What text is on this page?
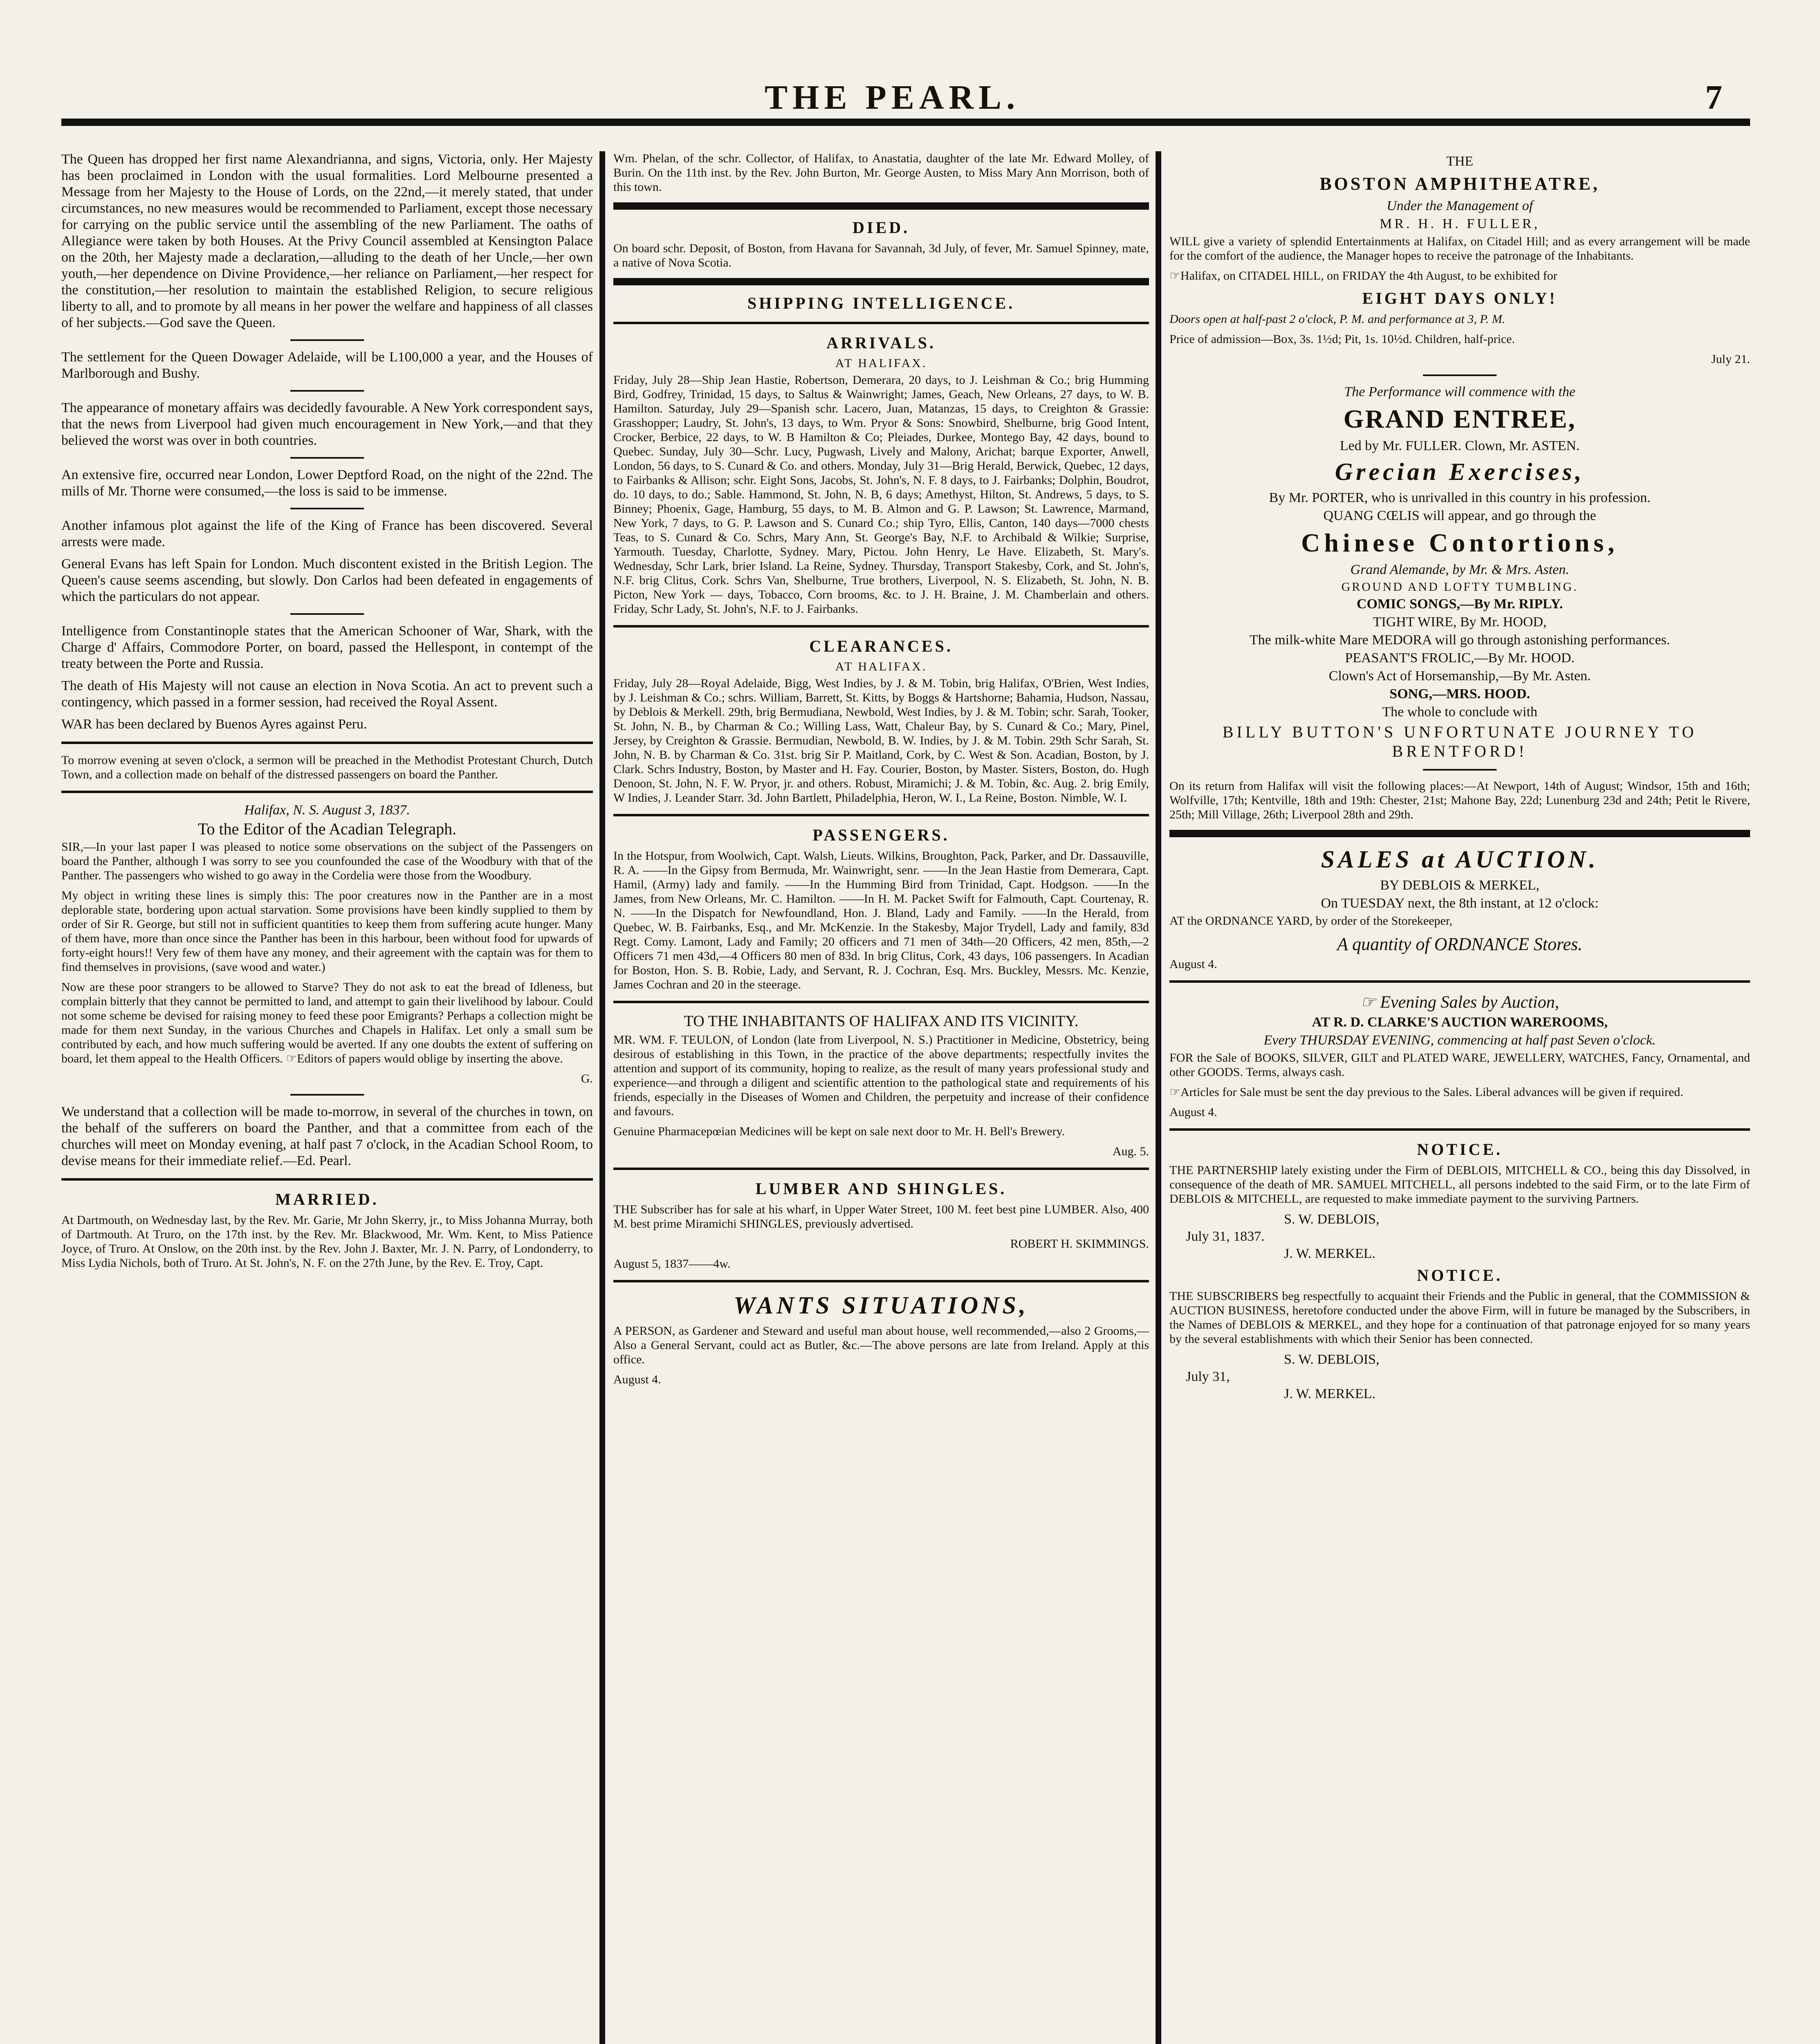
THE PEARL.	7

The Queen has dropped her first name Alexandrianna, and signs, Victoria, only. Her Majesty has been proclaimed in London with the usual formalities. Lord Melbourne presented a Message from her Majesty to the House of Lords, on the 22nd,—it merely stated, that under circumstances, no new measures would be recommended to Parliament, except those necessary for carrying on the public service until the assembling of the new Parliament. The oaths of Allegiance were taken by both Houses. At the Privy Council assembled at Kensington Palace on the 20th, her Majesty made a declaration,—alluding to the death of her Uncle,—her own youth,—her dependence on Divine Providence,—her reliance on Parliament,—her respect for the constitution,—her resolution to maintain the established Religion, to secure religious liberty to all, and to promote by all means in her power the welfare and happiness of all classes of her subjects.—God save the Queen.

The settlement for the Queen Dowager Adelaide, will be L100,000 a year, and the Houses of Marlborough and Bushy.

The appearance of monetary affairs was decidedly favourable. A New York correspondent says, that the news from Liverpool had given much encouragement in New York,—and that they believed the worst was over in both countries.

An extensive fire, occurred near London, Lower Deptford Road, on the night of the 22nd. The mills of Mr. Thorne were consumed,—the loss is said to be immense.

Another infamous plot against the life of the King of France has been discovered. Several arrests were made.

General Evans has left Spain for London. Much discontent existed in the British Legion. The Queen's cause seems ascending, but slowly. Don Carlos had been defeated in engagements of which the particulars do not appear.

Intelligence from Constantinople states that the American Schooner of War, Shark, with the Charge d' Affairs, Commodore Porter, on board, passed the Hellespont, in contempt of the treaty between the Porte and Russia.

The death of His Majesty will not cause an election in Nova Scotia. An act to prevent such a contingency, which passed in a former session, had received the Royal Assent.

WAR has been declared by Buenos Ayres against Peru.

To morrow evening at seven o'clock, a sermon will be preached in the Methodist Protestant Church, Dutch Town, and a collection made on behalf of the distressed passengers on board the Panther.

Halifax, N. S. August 3, 1837.

To the Editor of the Acadian Telegraph.

SIR,—In your last paper I was pleased to notice some observations on the subject of the Passengers on board the Panther, although I was sorry to see you counfounded the case of the Woodbury with that of the Panther. The passengers who wished to go away in the Cordelia were those from the Woodbury.

My object in writing these lines is simply this: The poor creatures now in the Panther are in a most deplorable state, bordering upon actual starvation. Some provisions have been kindly supplied to them by order of Sir R. George, but still not in sufficient quantities to keep them from suffering acute hunger. Many of them have, more than once since the Panther has been in this harbour, been without food for upwards of forty-eight hours!! Very few of them have any money, and their agreement with the captain was for them to find themselves in provisions, (save wood and water.)

Now are these poor strangers to be allowed to Starve? They do not ask to eat the bread of Idleness, but complain bitterly that they cannot be permitted to land, and attempt to gain their livelihood by labour. Could not some scheme be devised for raising money to feed these poor Emigrants? Perhaps a collection might be made for them next Sunday, in the various Churches and Chapels in Halifax. Let only a small sum be contributed by each, and how much suffering would be averted. If any one doubts the extent of suffering on board, let them appeal to the Health Officers. ☞Editors of papers would oblige by inserting the above.

G.

We understand that a collection will be made to-morrow, in several of the churches in town, on the behalf of the sufferers on board the Panther, and that a committee from each of the churches will meet on Monday evening, at half past 7 o'clock, in the Acadian School Room, to devise means for their immediate relief.—Ed. Pearl.

MARRIED.

At Dartmouth, on Wednesday last, by the Rev. Mr. Garie, Mr John Skerry, jr., to Miss Johanna Murray, both of Dartmouth. At Truro, on the 17th inst. by the Rev. Mr. Blackwood, Mr. Wm. Kent, to Miss Patience Joyce, of Truro. At Onslow, on the 20th inst. by the Rev. John J. Baxter, Mr. J. N. Parry, of Londonderry, to Miss Lydia Nichols, both of Truro. At St. John's, N. F. on the 27th June, by the Rev. E. Troy, Capt.

Wm. Phelan, of the schr. Collector, of Halifax, to Anastatia, daughter of the late Mr. Edward Molley, of Burin. On the 11th inst. by the Rev. John Burton, Mr. George Austen, to Miss Mary Ann Morrison, both of this town.

DIED.

On board schr. Deposit, of Boston, from Havana for Savannah, 3d July, of fever, Mr. Samuel Spinney, mate, a native of Nova Scotia.

SHIPPING INTELLIGENCE.
ARRIVALS.
AT HALIFAX.

Friday, July 28—Ship Jean Hastie, Robertson, Demerara, 20 days, to J. Leishman & Co.; brig Humming Bird, Godfrey, Trinidad, 15 days, to Saltus & Wainwright; James, Geach, New Orleans, 27 days, to W. B. Hamilton. Saturday, July 29—Spanish schr. Lacero, Juan, Matanzas, 15 days, to Creighton & Grassie: Grasshopper; Laudry, St. John's, 13 days, to Wm. Pryor & Sons: Snowbird, Shelburne, brig Good Intent, Crocker, Berbice, 22 days, to W. B Hamilton & Co; Pleiades, Durkee, Montego Bay, 42 days, bound to Quebec. Sunday, July 30—Schr. Lucy, Pugwash, Lively and Malony, Arichat; barque Exporter, Anwell, London, 56 days, to S. Cunard & Co. and others. Monday, July 31—Brig Herald, Berwick, Quebec, 12 days, to Fairbanks & Allison; schr. Eight Sons, Jacobs, St. John's, N. F. 8 days, to J. Fairbanks; Dolphin, Boudrot, do. 10 days, to do.; Sable. Hammond, St. John, N. B, 6 days; Amethyst, Hilton, St. Andrews, 5 days, to S. Binney; Phoenix, Gage, Hamburg, 55 days, to M. B. Almon and G. P. Lawson; St. Lawrence, Marmand, New York, 7 days, to G. P. Lawson and S. Cunard Co.; ship Tyro, Ellis, Canton, 140 days—7000 chests Teas, to S. Cunard & Co. Schrs, Mary Ann, St. George's Bay, N.F. to Archibald & Wilkie; Surprise, Yarmouth. Tuesday, Charlotte, Sydney. Mary, Pictou. John Henry, Le Have. Elizabeth, St. Mary's. Wednesday, Schr Lark, brier Island. La Reine, Sydney. Thursday, Transport Stakesby, Cork, and St. John's, N.F. brig Clitus, Cork. Schrs Van, Shelburne, True brothers, Liverpool, N. S. Elizabeth, St. John, N. B. Picton, New York — days, Tobacco, Corn brooms, &c. to J. H. Braine, J. M. Chamberlain and others. Friday, Schr Lady, St. John's, N.F. to J. Fairbanks.

CLEARANCES.
AT HALIFAX.

Friday, July 28—Royal Adelaide, Bigg, West Indies, by J. & M. Tobin, brig Halifax, O'Brien, West Indies, by J. Leishman & Co.; schrs. William, Barrett, St. Kitts, by Boggs & Hartshorne; Bahamia, Hudson, Nassau, by Deblois & Merkell. 29th, brig Bermudiana, Newbold, West Indies, by J. & M. Tobin; schr. Sarah, Tooker, St. John, N. B., by Charman & Co.; Willing Lass, Watt, Chaleur Bay, by S. Cunard & Co.; Mary, Pinel, Jersey, by Creighton & Grassie. Bermudian, Newbold, B. W. Indies, by J. & M. Tobin. 29th Schr Sarah, St. John, N. B. by Charman & Co. 31st. brig Sir P. Maitland, Cork, by C. West & Son. Acadian, Boston, by J. Clark. Schrs Industry, Boston, by Master and H. Fay. Courier, Boston, by Master. Sisters, Boston, do. Hugh Denoon, St. John, N. F. W. Pryor, jr. and others. Robust, Miramichi; J. & M. Tobin, &c. Aug. 2. brig Emily, W Indies, J. Leander Starr. 3d. John Bartlett, Philadelphia, Heron, W. I., La Reine, Boston. Nimble, W. I.

PASSENGERS.

In the Hotspur, from Woolwich, Capt. Walsh, Lieuts. Wilkins, Broughton, Pack, Parker, and Dr. Dassauville, R. A. ——In the Gipsy from Bermuda, Mr. Wainwright, senr. ——In the Jean Hastie from Demerara, Capt. Hamil, (Army) lady and family. ——In the Humming Bird from Trinidad, Capt. Hodgson. ——In the James, from New Orleans, Mr. C. Hamilton. ——In H. M. Packet Swift for Falmouth, Capt. Courtenay, R. N. ——In the Dispatch for Newfoundland, Hon. J. Bland, Lady and Family. ——In the Herald, from Quebec, W. B. Fairbanks, Esq., and Mr. McKenzie. In the Stakesby, Major Trydell, Lady and family, 83d Regt. Comy. Lamont, Lady and Family; 20 officers and 71 men of 34th—20 Officers, 42 men, 85th,—2 Officers 71 men 43d,—4 Officers 80 men of 83d. In brig Clitus, Cork, 43 days, 106 passengers. In Acadian for Boston, Hon. S. B. Robie, Lady, and Servant, R. J. Cochran, Esq. Mrs. Buckley, Messrs. Mc. Kenzie, James Cochran and 20 in the steerage.

TO THE INHABITANTS OF HALIFAX AND ITS VICINITY.

MR. WM. F. TEULON, of London (late from Liverpool, N. S.) Practitioner in Medicine, Obstetricy, being desirous of establishing in this Town, in the practice of the above departments; respectfully invites the attention and support of its community, hoping to realize, as the result of many years professional study and experience—and through a diligent and scientific attention to the pathological state and requirements of his friends, especially in the Diseases of Women and Children, the perpetuity and increase of their confidence and favours.

Genuine Pharmacepœian Medicines will be kept on sale next door to Mr. H. Bell's Brewery.

Aug. 5.

LUMBER AND SHINGLES.

THE Subscriber has for sale at his wharf, in Upper Water Street, 100 M. feet best pine LUMBER. Also, 400 M. best prime Miramichi SHINGLES, previously advertised.

ROBERT H. SKIMMINGS.

August 5, 1837——4w.

WANTS SITUATIONS,

A PERSON, as Gardener and Steward and useful man about house, well recommended,—also 2 Grooms,—Also a General Servant, could act as Butler, &c.—The above persons are late from Ireland. Apply at this office.

August 4.

THE
BOSTON AMPHITHEATRE,
Under the Management of
MR. H. H. FULLER,

WILL give a variety of splendid Entertainments at Halifax, on Citadel Hill; and as every arrangement will be made for the comfort of the audience, the Manager hopes to receive the patronage of the Inhabitants.

☞Halifax, on CITADEL HILL, on FRIDAY the 4th August, to be exhibited for

EIGHT DAYS ONLY!

Doors open at half-past 2 o'clock, P. M. and performance at 3, P. M.

Price of admission—Box, 3s. 1½d; Pit, 1s. 10½d. Children, half-price.

July 21.

The Performance will commence with the
GRAND ENTREE,
Led by Mr. FULLER. Clown, Mr. ASTEN.
Grecian Exercises,
By Mr. PORTER, who is unrivalled in this country in his profession.
QUANG CŒLIS will appear, and go through the
Chinese Contortions,
Grand Alemande, by Mr. & Mrs. Asten.
GROUND AND LOFTY TUMBLING.
COMIC SONGS,—By Mr. RIPLY.
TIGHT WIRE, By Mr. HOOD,
The milk-white Mare MEDORA will go through astonishing performances.
PEASANT'S FROLIC,—By Mr. HOOD.
Clown's Act of Horsemanship,—By Mr. Asten.
SONG,—MRS. HOOD.
The whole to conclude with
BILLY BUTTON'S UNFORTUNATE JOURNEY TO BRENTFORD!

On its return from Halifax will visit the following places:—At Newport, 14th of August; Windsor, 15th and 16th; Wolfville, 17th; Kentville, 18th and 19th: Chester, 21st; Mahone Bay, 22d; Lunenburg 23d and 24th; Petit le Rivere, 25th; Mill Village, 26th; Liverpool 28th and 29th.

SALES at AUCTION.
BY DEBLOIS & MERKEL,
On TUESDAY next, the 8th instant, at 12 o'clock:

AT the ORDNANCE YARD, by order of the Storekeeper,

A quantity of ORDNANCE Stores.

August 4.

☞ Evening Sales by Auction,
AT R. D. CLARKE'S AUCTION WAREROOMS,
Every THURSDAY EVENING, commencing at half past Seven o'clock.

FOR the Sale of BOOKS, SILVER, GILT and PLATED WARE, JEWELLERY, WATCHES, Fancy, Ornamental, and other GOODS. Terms, always cash.

☞Articles for Sale must be sent the day previous to the Sales. Liberal advances will be given if required.

August 4.

NOTICE.

THE PARTNERSHIP lately existing under the Firm of DEBLOIS, MITCHELL & CO., being this day Dissolved, in consequence of the death of MR. SAMUEL MITCHELL, all persons indebted to the said Firm, or to the late Firm of DEBLOIS & MITCHELL, are requested to make immediate payment to the surviving Partners.

S. W. DEBLOIS,
July 31, 1837.
J. W. MERKEL.
NOTICE.

THE SUBSCRIBERS beg respectfully to acquaint their Friends and the Public in general, that the COMMISSION & AUCTION BUSINESS, heretofore conducted under the above Firm, will in future be managed by the Subscribers, in the Names of DEBLOIS & MERKEL, and they hope for a continuation of that patronage enjoyed for so many years by the several establishments with which their Senior has been connected.

S. W. DEBLOIS,
July 31,
J. W. MERKEL.
